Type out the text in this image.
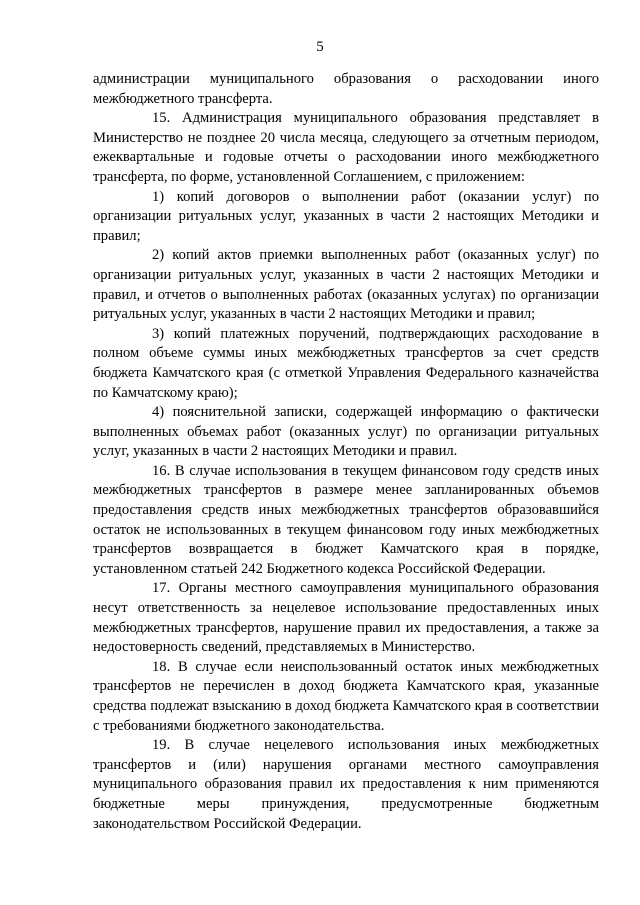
5

администрации муниципального образования о расходовании иного межбюджетного трансферта.

15. Администрация муниципального образования представляет в Министерство не позднее 20 числа месяца, следующего за отчетным периодом, ежеквартальные и годовые отчеты о расходовании иного межбюджетного трансферта, по форме, установленной Соглашением, с приложением:

1) копий договоров о выполнении работ (оказании услуг) по организации ритуальных услуг, указанных в части 2 настоящих Методики и правил;

2) копий актов приемки выполненных работ (оказанных услуг) по организации ритуальных услуг, указанных в части 2 настоящих Методики и правил, и отчетов о выполненных работах (оказанных услугах) по организации ритуальных услуг, указанных в части 2 настоящих Методики и правил;

3) копий платежных поручений, подтверждающих расходование в полном объеме суммы иных межбюджетных трансфертов за счет средств бюджета Камчатского края (с отметкой Управления Федерального казначейства по Камчатскому краю);

4) пояснительной записки, содержащей информацию о фактически выполненных объемах работ (оказанных услуг) по организации ритуальных услуг, указанных в части 2 настоящих Методики и правил.

16. В случае использования в текущем финансовом году средств иных межбюджетных трансфертов в размере менее запланированных объемов предоставления средств иных межбюджетных трансфертов образовавшийся остаток не использованных в текущем финансовом году иных межбюджетных трансфертов возвращается в бюджет Камчатского края в порядке, установленном статьей 242 Бюджетного кодекса Российской Федерации.

17. Органы местного самоуправления муниципального образования несут ответственность за нецелевое использование предоставленных иных межбюджетных трансфертов, нарушение правил их предоставления, а также за недостоверность сведений, представляемых в Министерство.

18. В случае если неиспользованный остаток иных межбюджетных трансфертов не перечислен в доход бюджета Камчатского края, указанные средства подлежат взысканию в доход бюджета Камчатского края в соответствии с требованиями бюджетного законодательства.

19. В случае нецелевого использования иных межбюджетных трансфертов и (или) нарушения органами местного самоуправления муниципального образования правил их предоставления к ним применяются бюджетные меры принуждения, предусмотренные бюджетным законодательством Российской Федерации.
